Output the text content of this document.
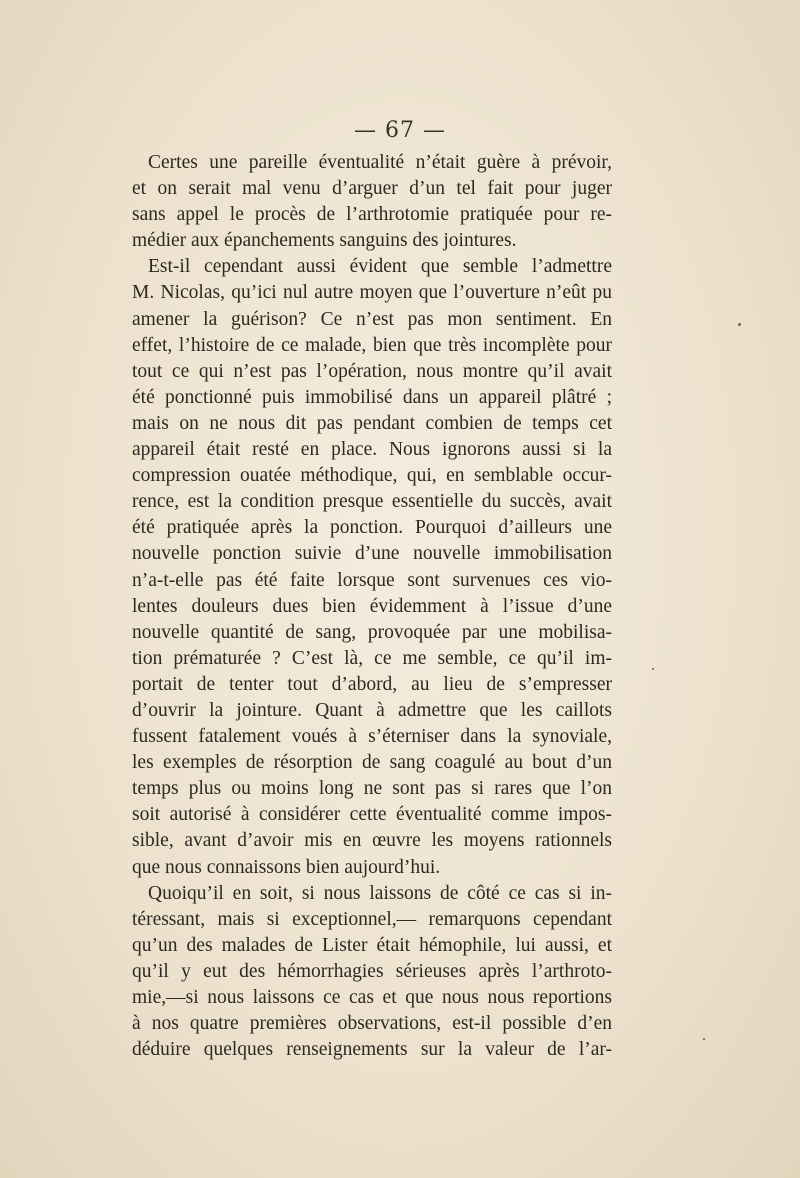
— 67 —
Certes une pareille éventualité n’était guère à prévoir,
et on serait mal venu d’arguer d’un tel fait pour juger
sans appel le procès de l’arthrotomie pratiquée pour re-
médier aux épanchements sanguins des jointures.
Est-il cependant aussi évident que semble l’admettre
M. Nicolas, qu’ici nul autre moyen que l’ouverture n’eût pu
amener la guérison? Ce n’est pas mon sentiment. En
effet, l’histoire de ce malade, bien que très incomplète pour
tout ce qui n’est pas l’opération, nous montre qu’il avait
été ponctionné puis immobilisé dans un appareil plâtré ;
mais on ne nous dit pas pendant combien de temps cet
appareil était resté en place. Nous ignorons aussi si la
compression ouatée méthodique, qui, en semblable occur-
rence, est la condition presque essentielle du succès, avait
été pratiquée après la ponction. Pourquoi d’ailleurs une
nouvelle ponction suivie d’une nouvelle immobilisation
n’a-t-elle pas été faite lorsque sont survenues ces vio-
lentes douleurs dues bien évidemment à l’issue d’une
nouvelle quantité de sang, provoquée par une mobilisa-
tion prématurée ? C’est là, ce me semble, ce qu’il im-
portait de tenter tout d’abord, au lieu de s’empresser
d’ouvrir la jointure. Quant à admettre que les caillots
fussent fatalement voués à s’éterniser dans la synoviale,
les exemples de résorption de sang coagulé au bout d’un
temps plus ou moins long ne sont pas si rares que l’on
soit autorisé à considérer cette éventualité comme impos-
sible, avant d’avoir mis en œuvre les moyens rationnels
que nous connaissons bien aujourd’hui.
Quoiqu’il en soit, si nous laissons de côté ce cas si in-
téressant, mais si exceptionnel,— remarquons cependant
qu’un des malades de Lister était hémophile, lui aussi, et
qu’il y eut des hémorrhagies sérieuses après l’arthroto-
mie,—si nous laissons ce cas et que nous nous reportions
à nos quatre premières observations, est-il possible d’en
déduire quelques renseignements sur la valeur de l’ar-
